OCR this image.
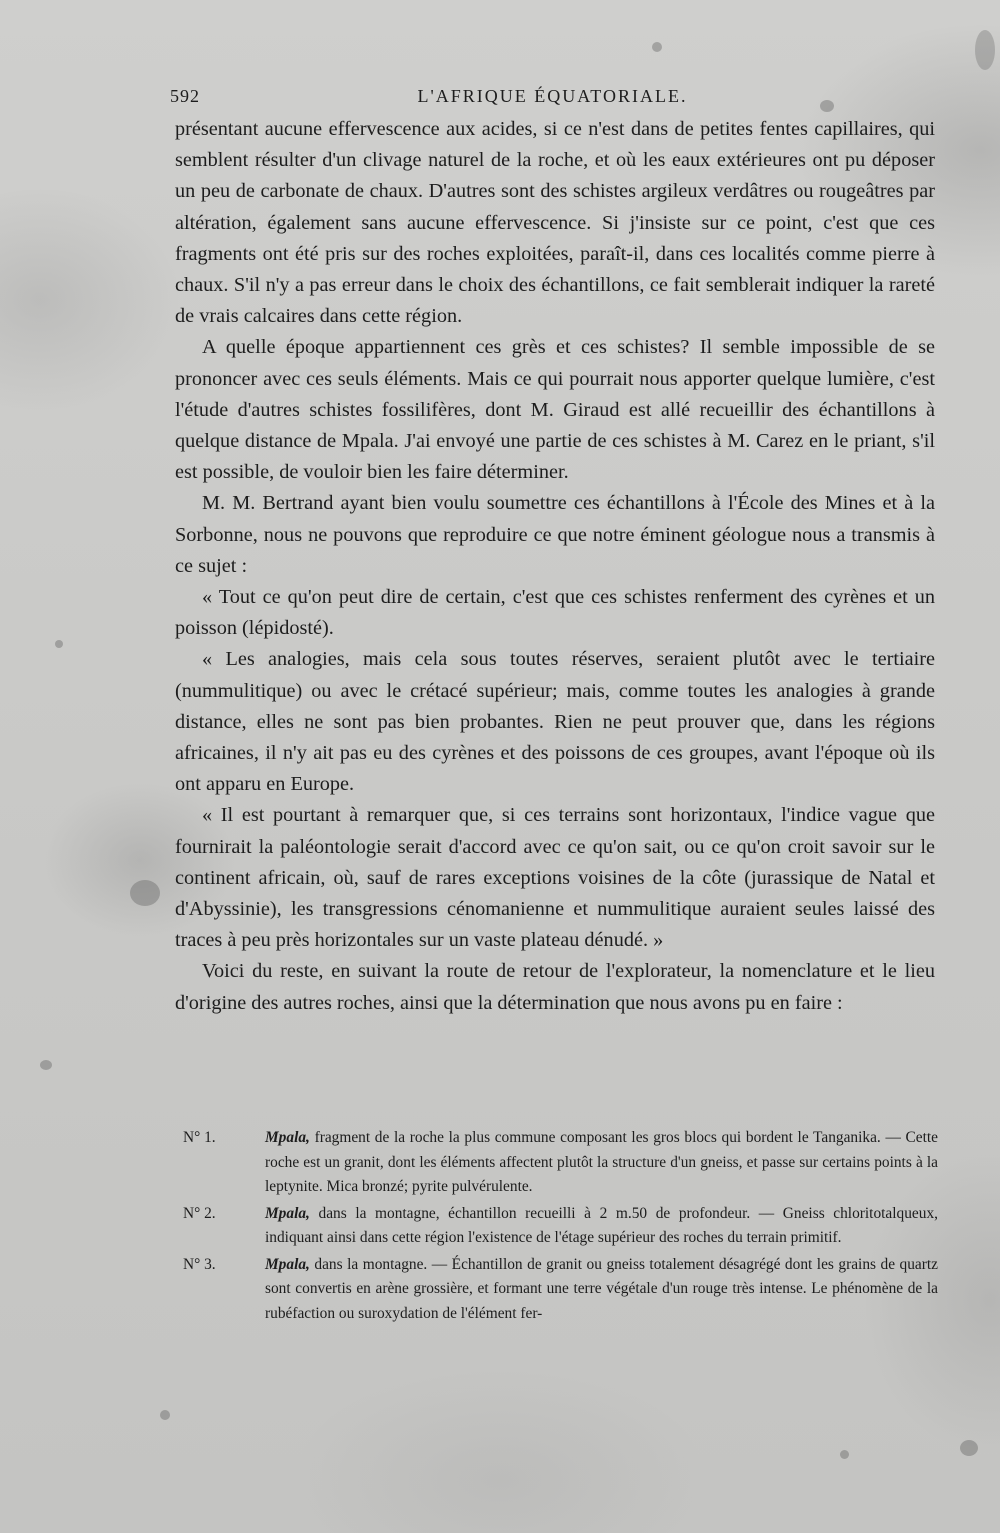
592	L'AFRIQUE ÉQUATORIALE.

présentant aucune effervescence aux acides, si ce n'est dans de petites fentes capillaires, qui semblent résulter d'un clivage naturel de la roche, et où les eaux extérieures ont pu déposer un peu de carbonate de chaux. D'autres sont des schistes argileux verdâtres ou rougeâtres par altération, également sans aucune effervescence. Si j'insiste sur ce point, c'est que ces fragments ont été pris sur des roches exploitées, paraît-il, dans ces localités comme pierre à chaux. S'il n'y a pas erreur dans le choix des échantillons, ce fait semblerait indiquer la rareté de vrais calcaires dans cette région.

A quelle époque appartiennent ces grès et ces schistes? Il semble impossible de se prononcer avec ces seuls éléments. Mais ce qui pourrait nous apporter quelque lumière, c'est l'étude d'autres schistes fossilifères, dont M. Giraud est allé recueillir des échantillons à quelque distance de Mpala. J'ai envoyé une partie de ces schistes à M. Carez en le priant, s'il est possible, de vouloir bien les faire déterminer.

M. M. Bertrand ayant bien voulu soumettre ces échantillons à l'École des Mines et à la Sorbonne, nous ne pouvons que reproduire ce que notre éminent géologue nous a transmis à ce sujet :

« Tout ce qu'on peut dire de certain, c'est que ces schistes renferment des cyrènes et un poisson (lépidosté).

« Les analogies, mais cela sous toutes réserves, seraient plutôt avec le tertiaire (nummulitique) ou avec le crétacé supérieur; mais, comme toutes les analogies à grande distance, elles ne sont pas bien probantes. Rien ne peut prouver que, dans les régions africaines, il n'y ait pas eu des cyrènes et des poissons de ces groupes, avant l'époque où ils ont apparu en Europe.

« Il est pourtant à remarquer que, si ces terrains sont horizontaux, l'indice vague que fournirait la paléontologie serait d'accord avec ce qu'on sait, ou ce qu'on croit savoir sur le continent africain, où, sauf de rares exceptions voisines de la côte (jurassique de Natal et d'Abyssinie), les transgressions cénomanienne et nummulitique auraient seules laissé des traces à peu près horizontales sur un vaste plateau dénudé. »

Voici du reste, en suivant la route de retour de l'explorateur, la nomenclature et le lieu d'origine des autres roches, ainsi que la détermination que nous avons pu en faire :

N° 1.	Mpala, fragment de la roche la plus commune composant les gros blocs qui bordent le Tanganika. — Cette roche est un granit, dont les éléments affectent plutôt la structure d'un gneiss, et passe sur certains points à la leptynite. Mica bronzé; pyrite pulvérulente.
N° 2.	Mpala, dans la montagne, échantillon recueilli à 2 m.50 de profondeur. — Gneiss chloritotalqueux, indiquant ainsi dans cette région l'existence de l'étage supérieur des roches du terrain primitif.
N° 3.	Mpala, dans la montagne. — Échantillon de granit ou gneiss totalement désagrégé dont les grains de quartz sont convertis en arène grossière, et formant une terre végétale d'un rouge très intense. Le phénomène de la rubéfaction ou suroxydation de l'élément fer-
